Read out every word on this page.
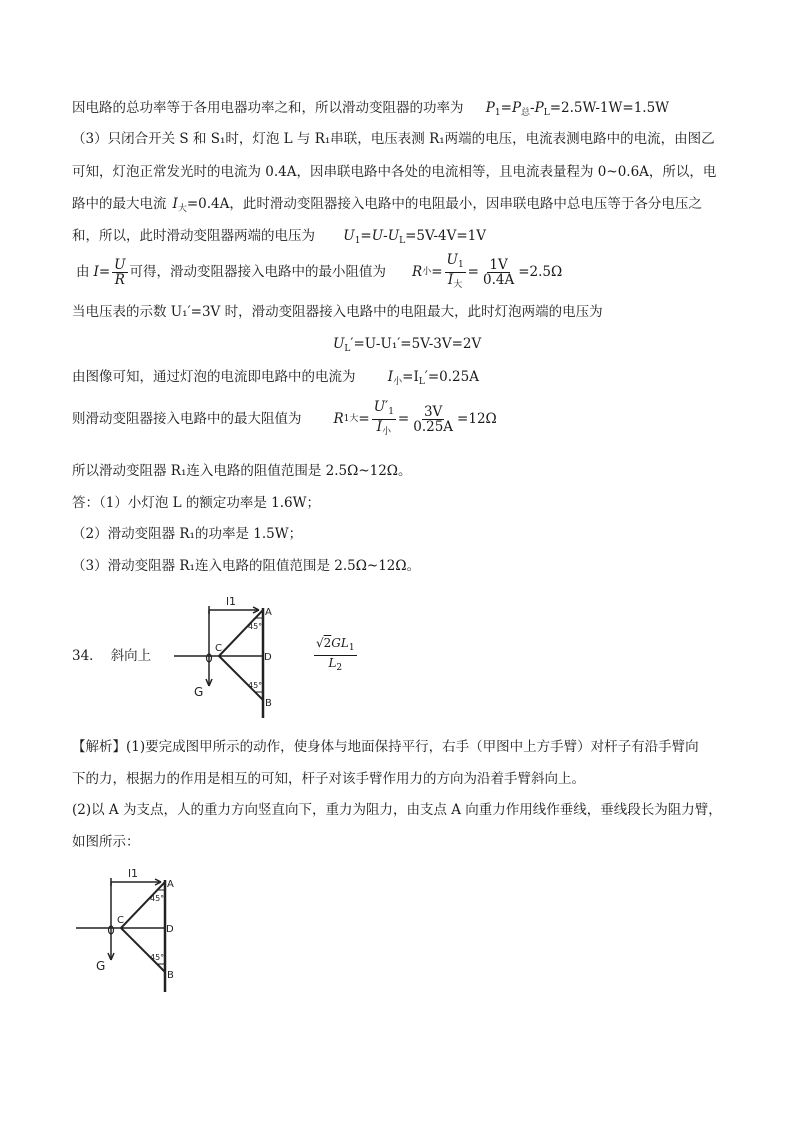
因电路的总功率等于各用电器功率之和，所以滑动变阻器的功率为 $P_1=P_总-P_L=2.5W-1W=1.5W$
（3）只闭合开关 S 和 S₁时，灯泡 L 与 R₁串联，电压表测 R₁两端的电压，电流表测电路中的电流，由图乙
可知，灯泡正常发光时的电流为 0.4A，因串联电路中各处的电流相等，且电流表量程为 0~0.6A，所以，电
路中的最大电流 $I_大=0.4A$，此时滑动变阻器接入电路中的电阻最小，因串联电路中总电压等于各分电压之
和，所以，此时滑动变阻器两端的电压为 $U_1=U-U_L=5V-4V=1V$
由 $I = \frac{U}{R}$ 可得，滑动变阻器接入电路中的最小阻值为 R 小 = $\frac{U_1}{I_大} = \frac{1V}{0.4A} =2.5\Omega$
当电压表的示数 U₁′=3V 时，滑动变阻器接入电路中的电阻最大，此时灯泡两端的电压为
$U_L'=U-U_1'=5V-3V=2V$
由图像可知，通过灯泡的电流即电路中的电流为 $I_小=I_L'=0.25A$
则滑动变阻器接入电路中的最大阻值为 R 1大 = $\frac{U'_1}{I_小} = \frac{3V}{0.25A} =12\Omega$
所以滑动变阻器 R₁连入电路的阻值范围是 2.5Ω~12Ω。
答：（1）小灯泡 L 的额定功率是 1.6W；
（2）滑动变阻器 R₁的功率是 1.5W；
（3）滑动变阻器 R₁连入电路的阻值范围是 2.5Ω~12Ω。
34． 斜向上	$\frac{√2GL_1}{L_2}$
l1
A
D
B
C
G
45°
45°
【解析】(1)要完成图甲所示的动作，使身体与地面保持平行，右手（甲图中上方手臂）对杆子有沿手臂向
下的力，根据力的作用是相互的可知，杆子对该手臂作用力的方向为沿着手臂斜向上。
(2)以 A 为支点，人的重力方向竖直向下，重力为阻力，由支点 A 向重力作用线作垂线，垂线段长为阻力臂，
如图所示：
l1
A
D
B
C
G
45°
45°
